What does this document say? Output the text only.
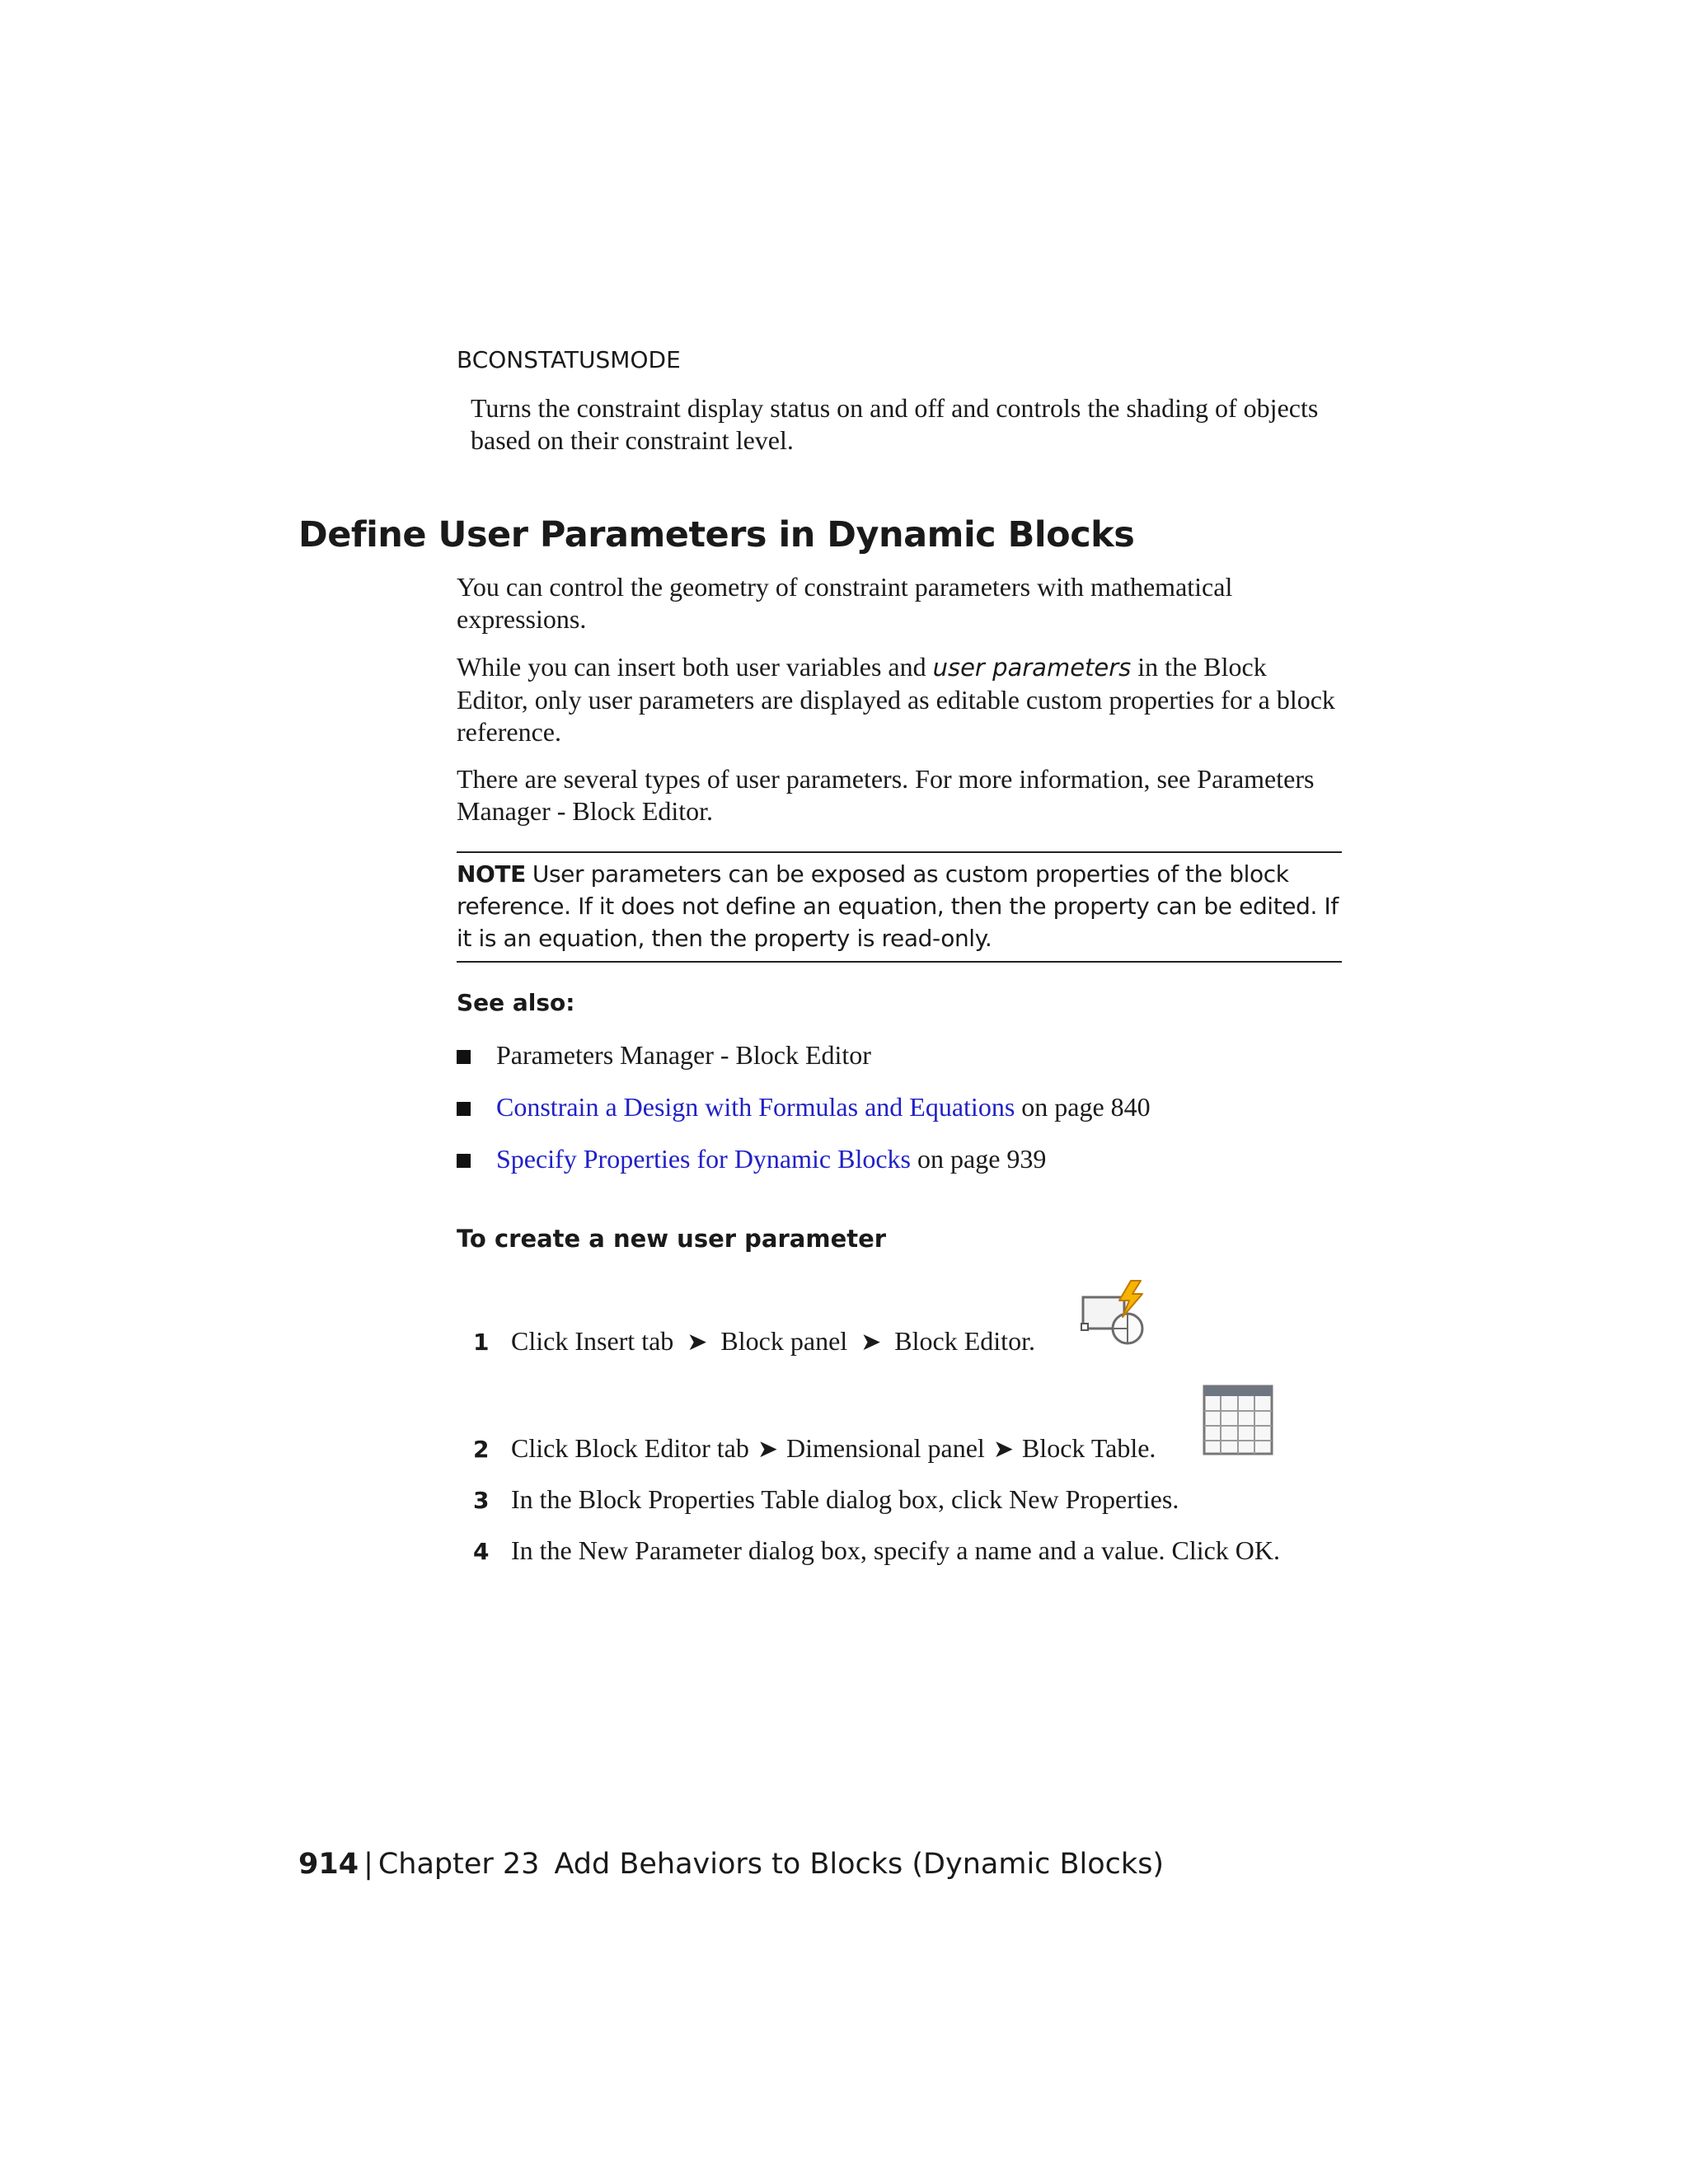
BCONSTATUSMODE
Turns the constraint display status on and off and controls the shading of objects based on their constraint level.
Define User Parameters in Dynamic Blocks
You can control the geometry of constraint parameters with mathematical expressions.
While you can insert both user variables and user parameters in the Block Editor, only user parameters are displayed as editable custom properties for a block reference.
There are several types of user parameters. For more information, see Parameters Manager - Block Editor.
NOTE User parameters can be exposed as custom properties of the block reference. If it does not define an equation, then the property can be edited. If it is an equation, then the property is read-only.
See also:
Parameters Manager - Block Editor
Constrain a Design with Formulas and Equations on page 840
Specify Properties for Dynamic Blocks on page 939
To create a new user parameter
1 Click Insert tab ➤ Block panel ➤ Block Editor.
2 Click Block Editor tab ➤ Dimensional panel ➤ Block Table.
3 In the Block Properties Table dialog box, click New Properties.
4 In the New Parameter dialog box, specify a name and a value. Click OK.
914 | Chapter 23 Add Behaviors to Blocks (Dynamic Blocks)
